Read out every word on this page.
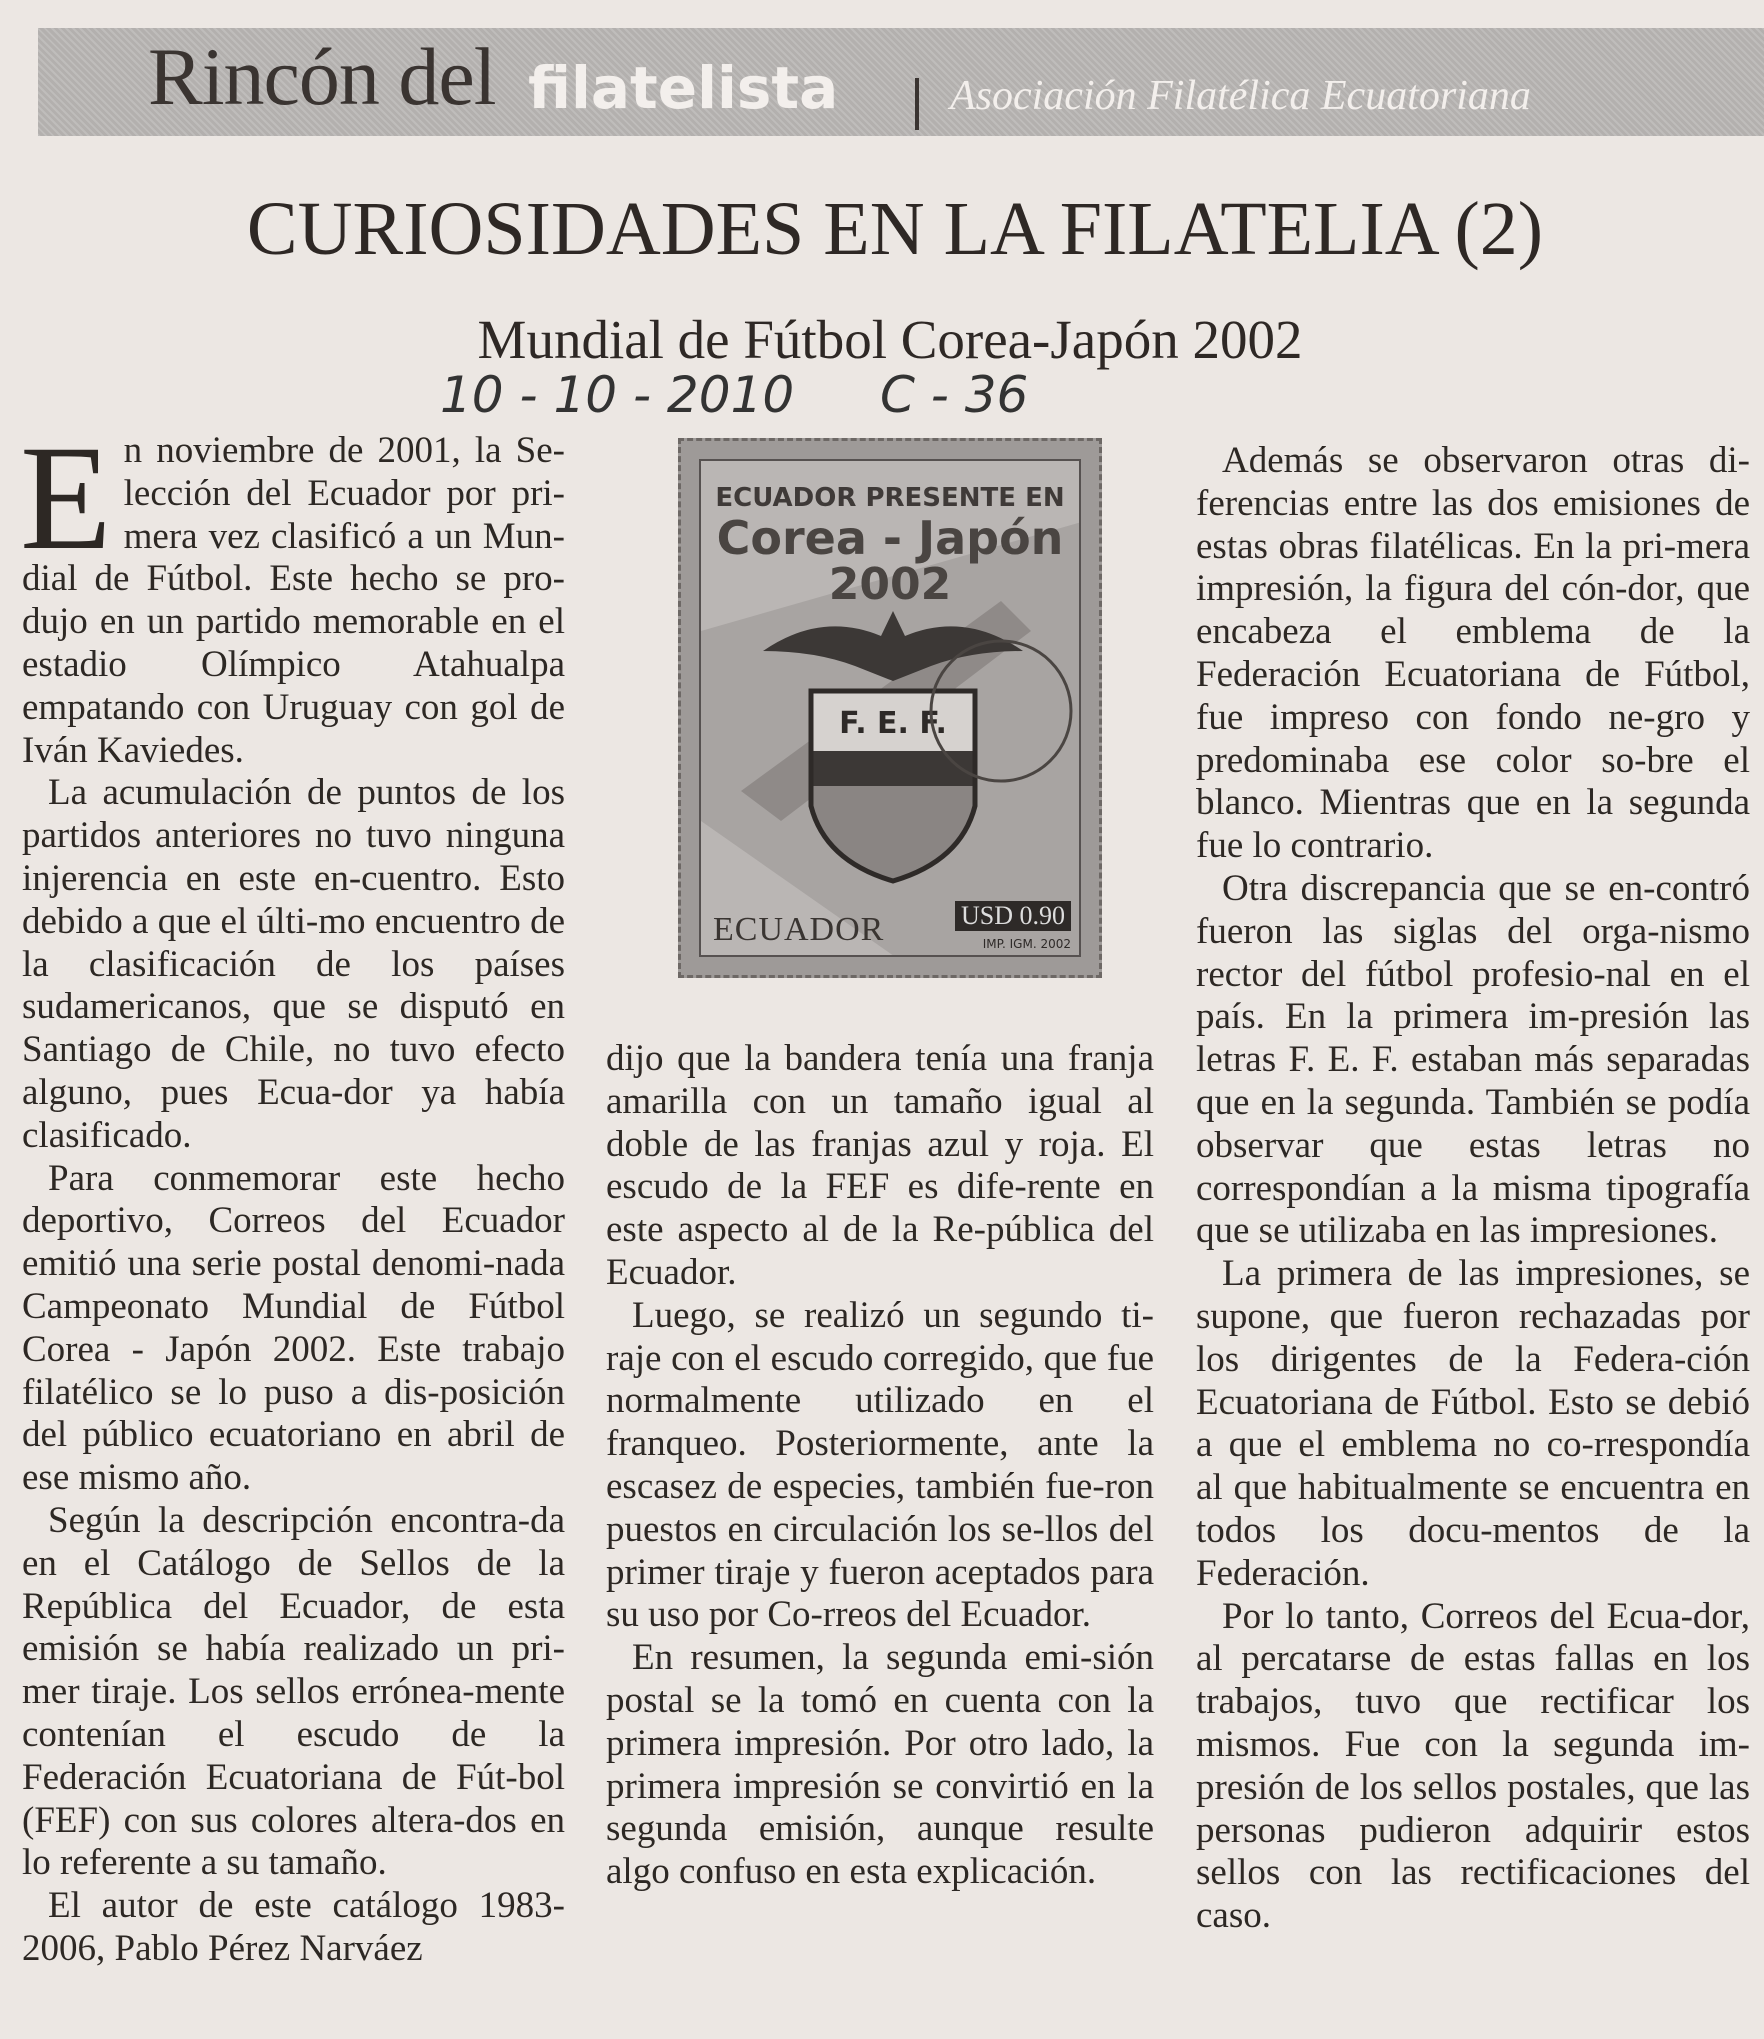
Rincón del filatelista	Asociación Filatélica Ecuatoriana
CURIOSIDADES EN LA FILATELIA (2)
Mundial de Fútbol Corea-Japón 2002
10 - 10 - 2010 C - 36

En noviembre de 2001, la Se-lección del Ecuador por pri-mera vez clasificó a un Mun-dial de Fútbol. Este hecho se pro-dujo en un partido memorable en el estadio Olímpico Atahualpa empatando con Uruguay con gol de Iván Kaviedes.

La acumulación de puntos de los partidos anteriores no tuvo ninguna injerencia en este en-cuentro. Esto debido a que el últi-mo encuentro de la clasificación de los países sudamericanos, que se disputó en Santiago de Chile, no tuvo efecto alguno, pues Ecua-dor ya había clasificado.

Para conmemorar este hecho deportivo, Correos del Ecuador emitió una serie postal denomi-nada Campeonato Mundial de Fútbol Corea - Japón 2002. Este trabajo filatélico se lo puso a dis-posición del público ecuatoriano en abril de ese mismo año.

Según la descripción encontra-da en el Catálogo de Sellos de la República del Ecuador, de esta emisión se había realizado un pri-mer tiraje. Los sellos erróneа-mente contenían el escudo de la Federación Ecuatoriana de Fút-bol (FEF) con sus colores altera-dos en lo referente a su tamaño.

El autor de este catálogo 1983-2006, Pablo Pérez Narváez

F. E. F.
ECUADOR PRESENTE EN
Corea - Japón
2002
ECUADOR	USD 0.90
IMP. IGM. 2002

dijo que la bandera tenía una franja amarilla con un tamaño igual al doble de las franjas azul y roja. El escudo de la FEF es dife-rente en este aspecto al de la Re-pública del Ecuador.

Luego, se realizó un segundo ti-raje con el escudo corregido, que fue normalmente utilizado en el franqueo. Posteriormente, ante la escasez de especies, también fue-ron puestos en circulación los se-llos del primer tiraje y fueron aceptados para su uso por Co-rreos del Ecuador.

En resumen, la segunda emi-sión postal se la tomó en cuenta con la primera impresión. Por otro lado, la primera impresión se convirtió en la segunda emisión, aunque resulte algo confuso en esta explicación.

Además se observaron otras di-ferencias entre las dos emisiones de estas obras filatélicas. En la pri-mera impresión, la figura del cón-dor, que encabeza el emblema de la Federación Ecuatoriana de Fútbol, fue impreso con fondo ne-gro y predominaba ese color so-bre el blanco. Mientras que en la segunda fue lo contrario.

Otra discrepancia que se en-contró fueron las siglas del orga-nismo rector del fútbol profesio-nal en el país. En la primera im-presión las letras F. E. F. estaban más separadas que en la segunda. También se podía observar que estas letras no correspondían a la misma tipografía que se utilizaba en las impresiones.

La primera de las impresiones, se supone, que fueron rechazadas por los dirigentes de la Federa-ción Ecuatoriana de Fútbol. Esto se debió a que el emblema no co-rrespondía al que habitualmente se encuentra en todos los docu-mentos de la Federación.

Por lo tanto, Correos del Ecua-dor, al percatarse de estas fallas en los trabajos, tuvo que rectificar los mismos. Fue con la segunda im-presión de los sellos postales, que las personas pudieron adquirir estos sellos con las rectificaciones del caso.
